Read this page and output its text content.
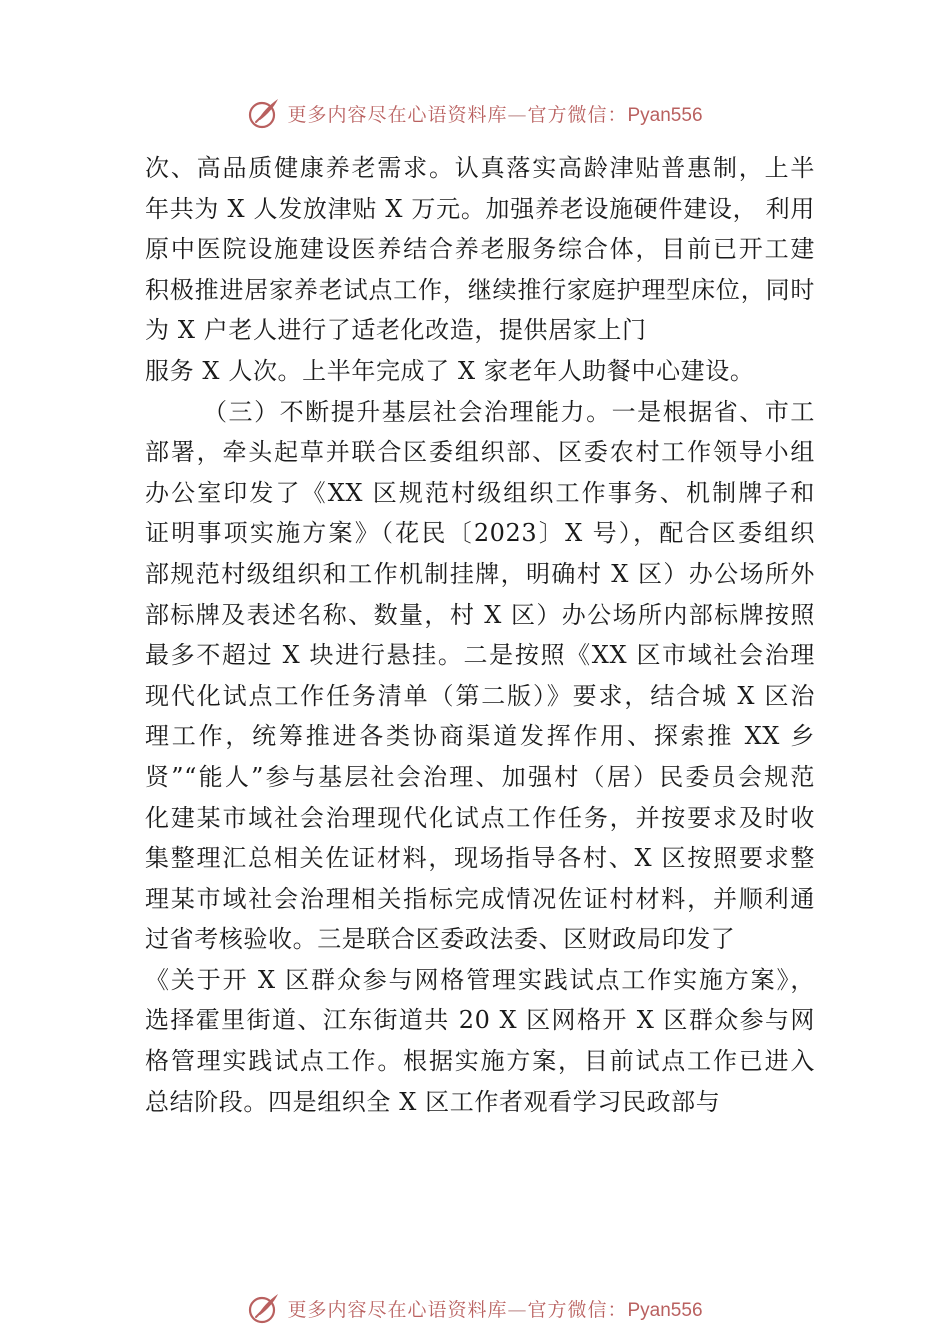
更多内容尽在心语资料库—官方微信：Pyan556
次、高品质健康养老需求。认真落实高龄津贴普惠制，上半
年共为 X 人发放津贴 X 万元。加强养老设施硬件建设， 利用
原中医院设施建设医养结合养老服务综合体，目前已开工建
积极推进居家养老试点工作，继续推行家庭护理型床位，同时
为 X 户老人进行了适老化改造，提供居家上门
服务 X 人次。上半年完成了 X 家老年人助餐中心建设。
（三）不断提升基层社会治理能力。一是根据省、市工
部署，牵头起草并联合区委组织部、区委农村工作领导小组
办公室印发了《XX 区规范村级组织工作事务、机制牌子和
证明事项实施方案》（花民〔2023〕X 号），配合区委组织
部规范村级组织和工作机制挂牌，明确村 X 区）办公场所外
部标牌及表述名称、数量，村 X 区）办公场所内部标牌按照
最多不超过 X 块进行悬挂。二是按照《XX 区市域社会治理
现代化试点工作任务清单（第二版）》要求，结合城 X 区治
理工作，统筹推进各类协商渠道发挥作用、探索推 XX 乡
贤”“能人”参与基层社会治理、加强村（居）民委员会规范
化建某市域社会治理现代化试点工作任务，并按要求及时收
集整理汇总相关佐证材料，现场指导各村、X 区按照要求整
理某市域社会治理相关指标完成情况佐证村材料，并顺利通
过省考核验收。三是联合区委政法委、区财政局印发了
《关于开 X 区群众参与网格管理实践试点工作实施方案》，
选择霍里街道、江东街道共 20 X 区网格开 X 区群众参与网
格管理实践试点工作。根据实施方案，目前试点工作已进入
总结阶段。四是组织全 X 区工作者观看学习民政部与
更多内容尽在心语资料库—官方微信：Pyan556
